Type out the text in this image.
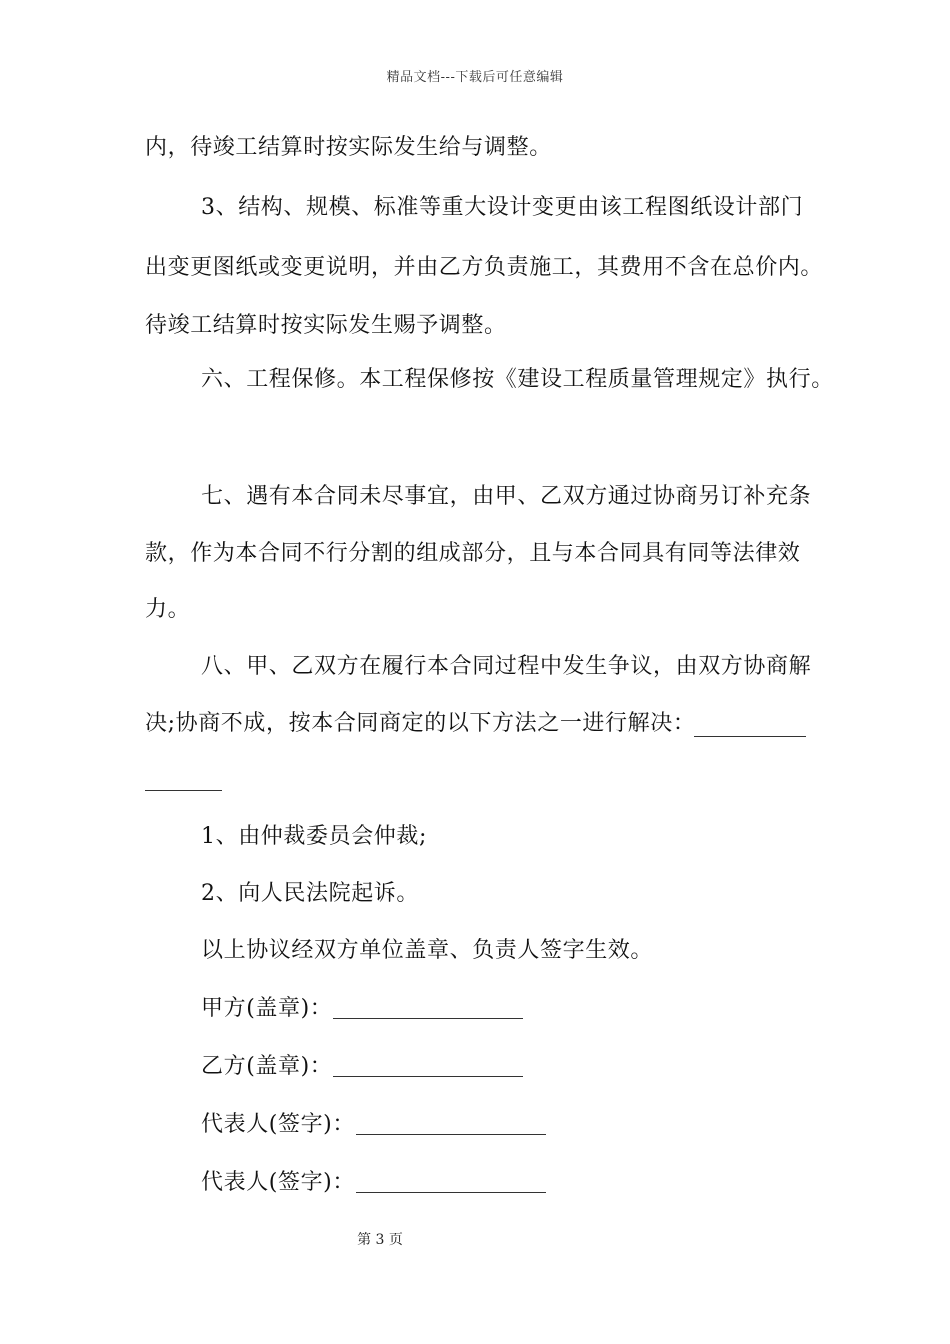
精品文档---下载后可任意编辑
内，待竣工结算时按实际发生给与调整。
3、结构、规模、标准等重大设计变更由该工程图纸设计部门
出变更图纸或变更说明，并由乙方负责施工，其费用不含在总价内。
待竣工结算时按实际发生赐予调整。
六、工程保修。本工程保修按《建设工程质量管理规定》执行。
七、遇有本合同未尽事宜，由甲、乙双方通过协商另订补充条
款，作为本合同不行分割的组成部分，且与本合同具有同等法律效
力。
八、甲、乙双方在履行本合同过程中发生争议，由双方协商解
决;协商不成，按本合同商定的以下方法之一进行解决：
1、由仲裁委员会仲裁;
2、向人民法院起诉。
以上协议经双方单位盖章、负责人签字生效。
甲方(盖章)：
乙方(盖章)：
代表人(签字)：
代表人(签字)：
第 3 页
